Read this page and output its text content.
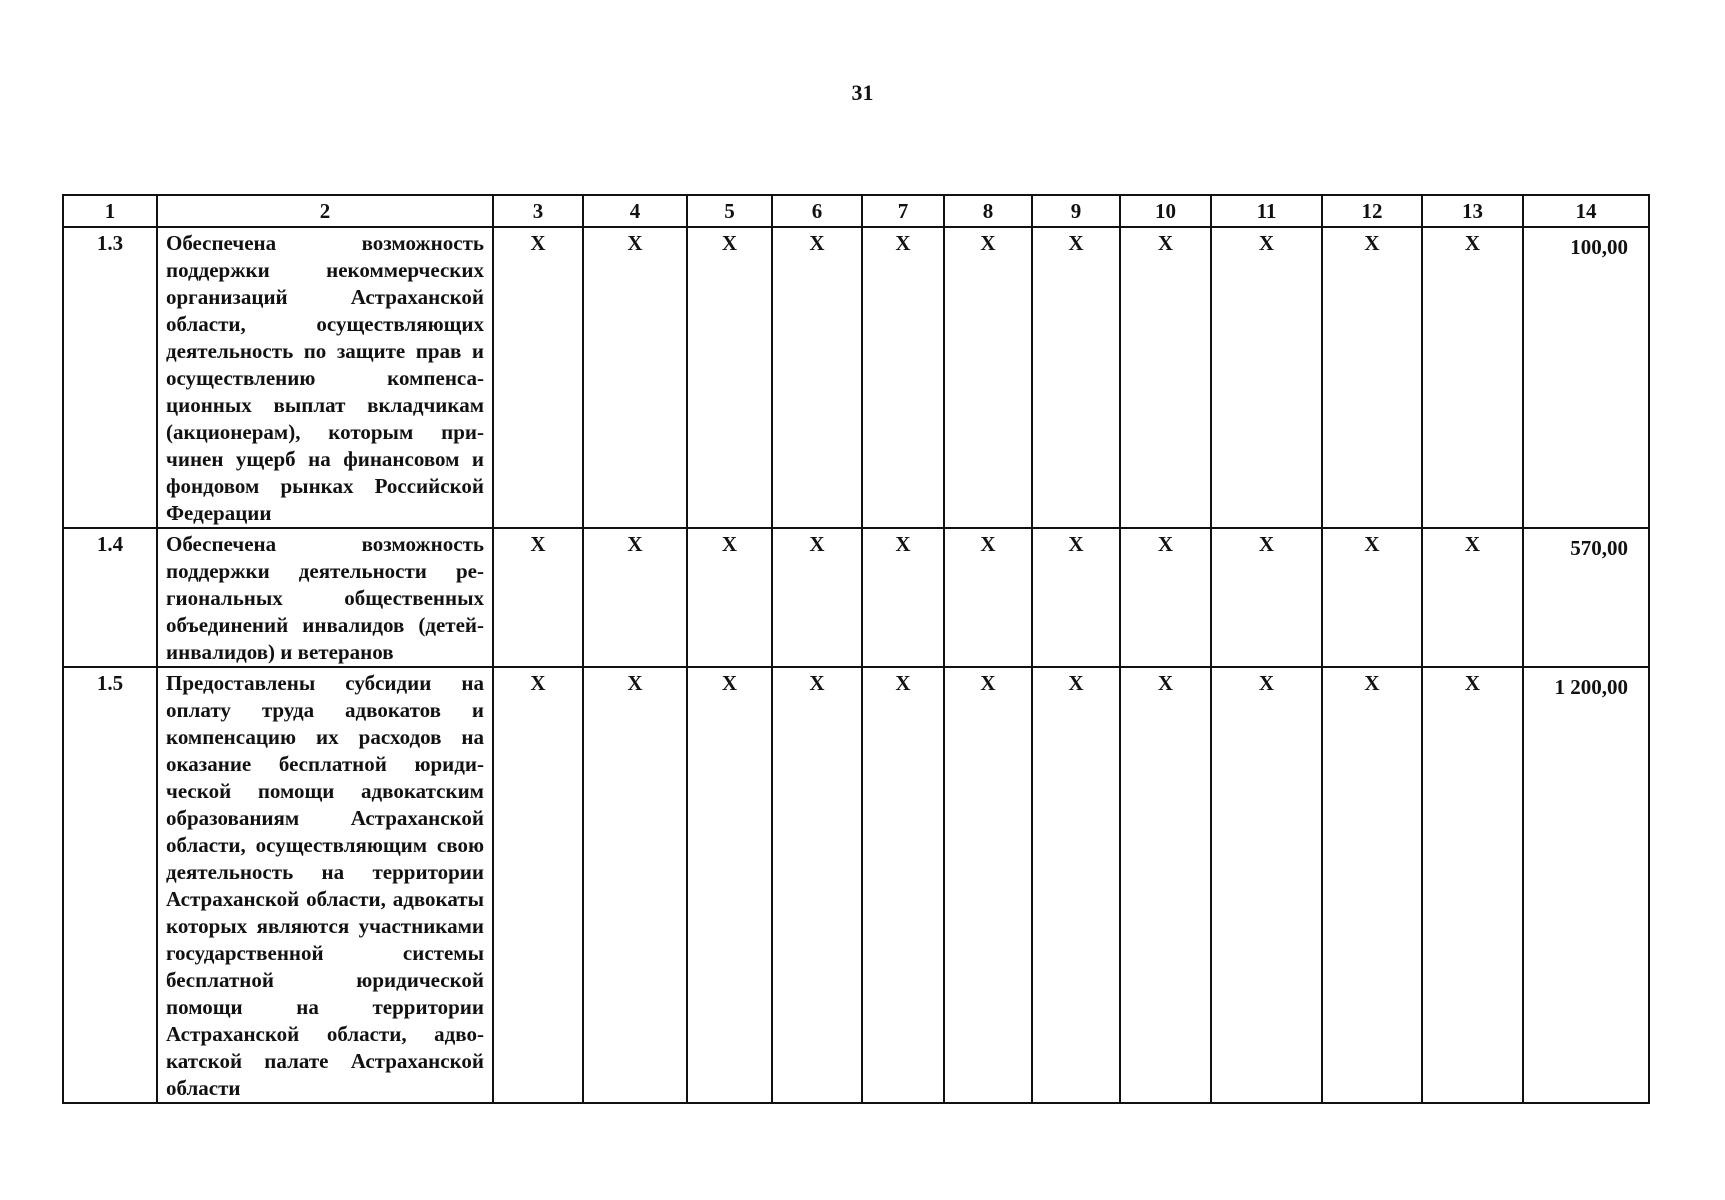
31
1	2	3	4	5	6	7	8	9	10	11	12	13	14
1.3	Обеспечена возможность поддержки некоммерческих организаций Астраханской области, осуществляющих деятельность по защите прав и осуществлению компенсационных выплат вкладчикам (акционерам), которым причинен ущерб на финансовом и фондовом рынках Российской Федерации	X	X	X	X	X	X	X	X	X	X	X	100,00
1.4	Обеспечена возможность поддержки деятельности региональных общественных объединений инвалидов (детей-инвалидов) и ветеранов	X	X	X	X	X	X	X	X	X	X	X	570,00
1.5	Предоставлены субсидии на оплату труда адвокатов и компенсацию их расходов на оказание бесплатной юридической помощи адвокатским образованиям Астраханской области, осуществляющим свою деятельность на территории Астраханской области, адвокаты которых являются участниками государственной системы бесплатной юридической помощи на территории Астраханской области, адвокатской палате Астраханской области	X	X	X	X	X	X	X	X	X	X	X	1 200,00
